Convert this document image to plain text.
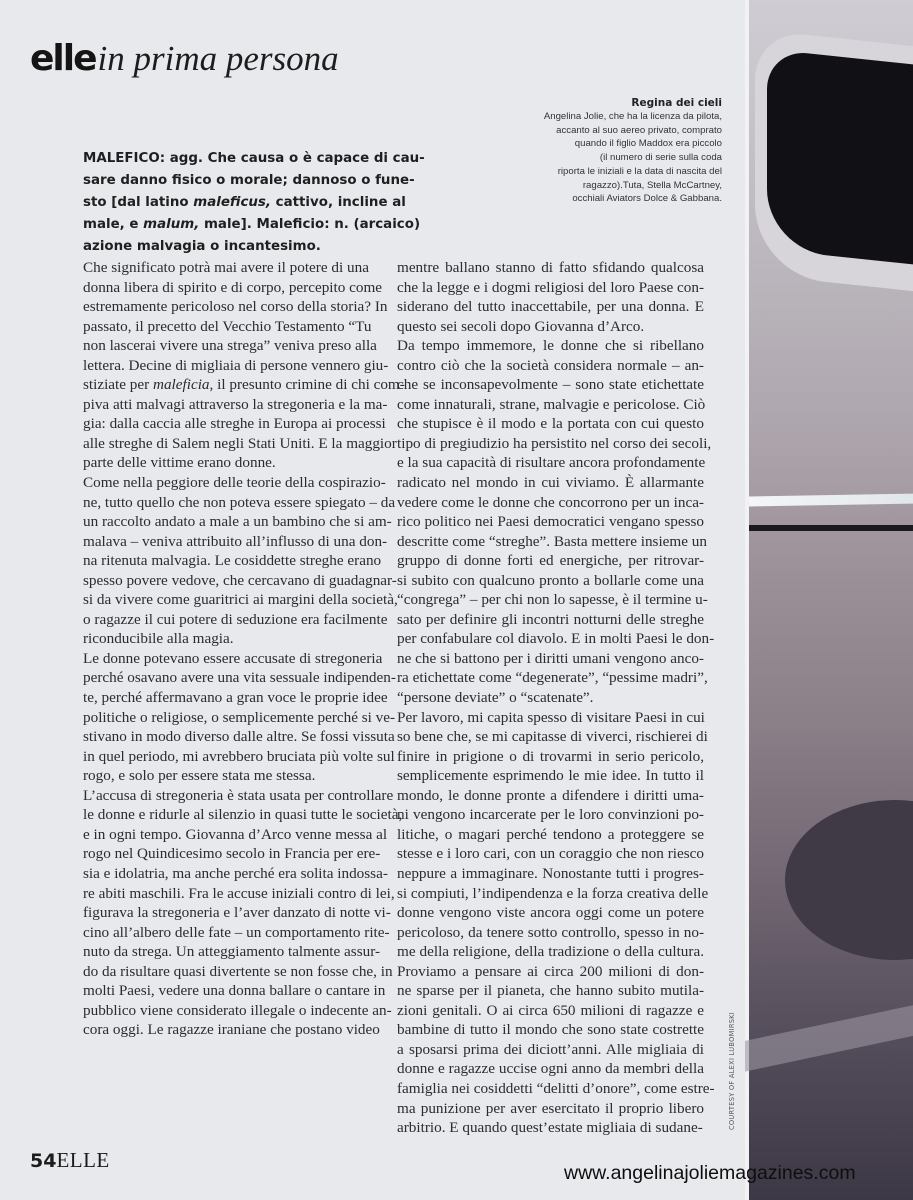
ellein prima persona
MALEFICO: agg. Che causa o è capace di cau-
sare danno fisico o morale; dannoso o fune-
sto [dal latino maleficus, cattivo, incline al
male, e malum, male]. Maleficio: n. (arcaico)
azione malvagia o incantesimo.
Regina dei cieli
Angelina Jolie, che ha la licenza da pilota,
accanto al suo aereo privato, comprato
quando il figlio Maddox era piccolo
(il numero di serie sulla coda
riporta le iniziali e la data di nascita del
ragazzo).Tuta, Stella McCartney,
occhiali Aviators Dolce & Gabbana.
Che significato potrà mai avere il potere di una
donna libera di spirito e di corpo, percepito come
estremamente pericoloso nel corso della storia? In
passato, il precetto del Vecchio Testamento “Tu
non lascerai vivere una strega” veniva preso alla
lettera. Decine di migliaia di persone vennero giu-
stiziate per maleficia, il presunto crimine di chi com-
piva atti malvagi attraverso la stregoneria e la ma-
gia: dalla caccia alle streghe in Europa ai processi
alle streghe di Salem negli Stati Uniti. E la maggior
parte delle vittime erano donne.
Come nella peggiore delle teorie della cospirazio-
ne, tutto quello che non poteva essere spiegato – da
un raccolto andato a male a un bambino che si am-
malava – veniva attribuito all’influsso di una don-
na ritenuta malvagia. Le cosiddette streghe erano
spesso povere vedove, che cercavano di guadagnar-
si da vivere come guaritrici ai margini della società,
o ragazze il cui potere di seduzione era facilmente
riconducibile alla magia.
Le donne potevano essere accusate di stregoneria
perché osavano avere una vita sessuale indipenden-
te, perché affermavano a gran voce le proprie idee
politiche o religiose, o semplicemente perché si ve-
stivano in modo diverso dalle altre. Se fossi vissuta
in quel periodo, mi avrebbero bruciata più volte sul
rogo, e solo per essere stata me stessa.
L’accusa di stregoneria è stata usata per controllare
le donne e ridurle al silenzio in quasi tutte le società,
e in ogni tempo. Giovanna d’Arco venne messa al
rogo nel Quindicesimo secolo in Francia per ere-
sia e idolatria, ma anche perché era solita indossa-
re abiti maschili. Fra le accuse iniziali contro di lei,
figurava la stregoneria e l’aver danzato di notte vi-
cino all’albero delle fate – un comportamento rite-
nuto da strega. Un atteggiamento talmente assur-
do da risultare quasi divertente se non fosse che, in
molti Paesi, vedere una donna ballare o cantare in
pubblico viene considerato illegale o indecente an-
cora oggi. Le ragazze iraniane che postano video
mentre ballano stanno di fatto sfidando qualcosa
che la legge e i dogmi religiosi del loro Paese con-
siderano del tutto inaccettabile, per una donna. E
questo sei secoli dopo Giovanna d’Arco.
Da tempo immemore, le donne che si ribellano
contro ciò che la società considera normale – an-
che se inconsapevolmente – sono state etichettate
come innaturali, strane, malvagie e pericolose. Ciò
che stupisce è il modo e la portata con cui questo
tipo di pregiudizio ha persistito nel corso dei secoli,
e la sua capacità di risultare ancora profondamente
radicato nel mondo in cui viviamo. È allarmante
vedere come le donne che concorrono per un inca-
rico politico nei Paesi democratici vengano spesso
descritte come “streghe”. Basta mettere insieme un
gruppo di donne forti ed energiche, per ritrovar-
si subito con qualcuno pronto a bollarle come una
“congrega” – per chi non lo sapesse, è il termine u-
sato per definire gli incontri notturni delle streghe
per confabulare col diavolo. E in molti Paesi le don-
ne che si battono per i diritti umani vengono anco-
ra etichettate come “degenerate”, “pessime madri”,
“persone deviate” o “scatenate”.
Per lavoro, mi capita spesso di visitare Paesi in cui
so bene che, se mi capitasse di viverci, rischierei di
finire in prigione o di trovarmi in serio pericolo,
semplicemente esprimendo le mie idee. In tutto il
mondo, le donne pronte a difendere i diritti uma-
ni vengono incarcerate per le loro convinzioni po-
litiche, o magari perché tendono a proteggere se
stesse e i loro cari, con un coraggio che non riesco
neppure a immaginare. Nonostante tutti i progres-
si compiuti, l’indipendenza e la forza creativa delle
donne vengono viste ancora oggi come un potere
pericoloso, da tenere sotto controllo, spesso in no-
me della religione, della tradizione o della cultura.
Proviamo a pensare ai circa 200 milioni di don-
ne sparse per il pianeta, che hanno subito mutila-
zioni genitali. O ai circa 650 milioni di ragazze e
bambine di tutto il mondo che sono state costrette
a sposarsi prima dei diciott’anni. Alle migliaia di
donne e ragazze uccise ogni anno da membri della
famiglia nei cosiddetti “delitti d’onore”, come estre-
ma punizione per aver esercitato il proprio libero
arbitrio. E quando quest’estate migliaia di sudane-	COURTESY OF ALEXI LUBOMIRSKI
54ELLE
www.angelinajoliemagazines.com
